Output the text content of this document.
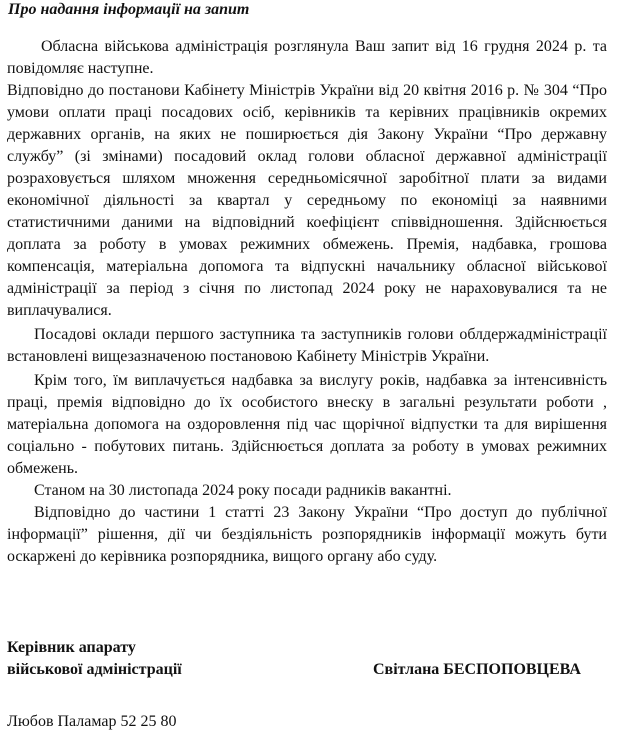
Про надання інформації на запит

Обласна військова адміністрація розглянула Ваш запит від 16 грудня 2024 р. та повідомляє наступне.

Відповідно до постанови Кабінету Міністрів України від 20 квітня 2016 р. № 304 “Про умови оплати праці посадових осіб, керівників та керівних працівників окремих державних органів, на яких не поширюється дія Закону України “Про державну службу” (зі змінами) посадовий оклад голови обласної державної адміністрації розраховується шляхом множення середньомісячної заробітної плати за видами економічної діяльності за квартал у середньому по економіці за наявними статистичними даними на відповідний коефіцієнт співвідношення. Здійснюється доплата за роботу в умовах режимних обмежень. Премія, надбавка, грошова компенсація, матеріальна допомога та відпускні начальнику обласної військової адміністрації за період з січня по листопад 2024 року не нараховувалися та не виплачувалися.

Посадові оклади першого заступника та заступників голови облдержадміністрації встановлені вищезазначеною постановою Кабінету Міністрів України.

Крім того, їм виплачується надбавка за вислугу років, надбавка за інтенсивність праці, премія відповідно до їх особистого внеску в загальні результати роботи , матеріальна допомога на оздоровлення під час щорічної відпустки та для вирішення соціально - побутових питань. Здійснюється доплата за роботу в умовах режимних обмежень.

Станом на 30 листопада 2024 року посади радників вакантні.

Відповідно до частини 1 статті 23 Закону України “Про доступ до публічної інформації” рішення, дії чи бездіяльність розпорядників інформації можуть бути оскаржені до керівника розпорядника, вищого органу або суду.

Керівник апарату
військової адміністрації	Світлана БЕСПОПОВЦЕВА
Любов Паламар 52 25 80
